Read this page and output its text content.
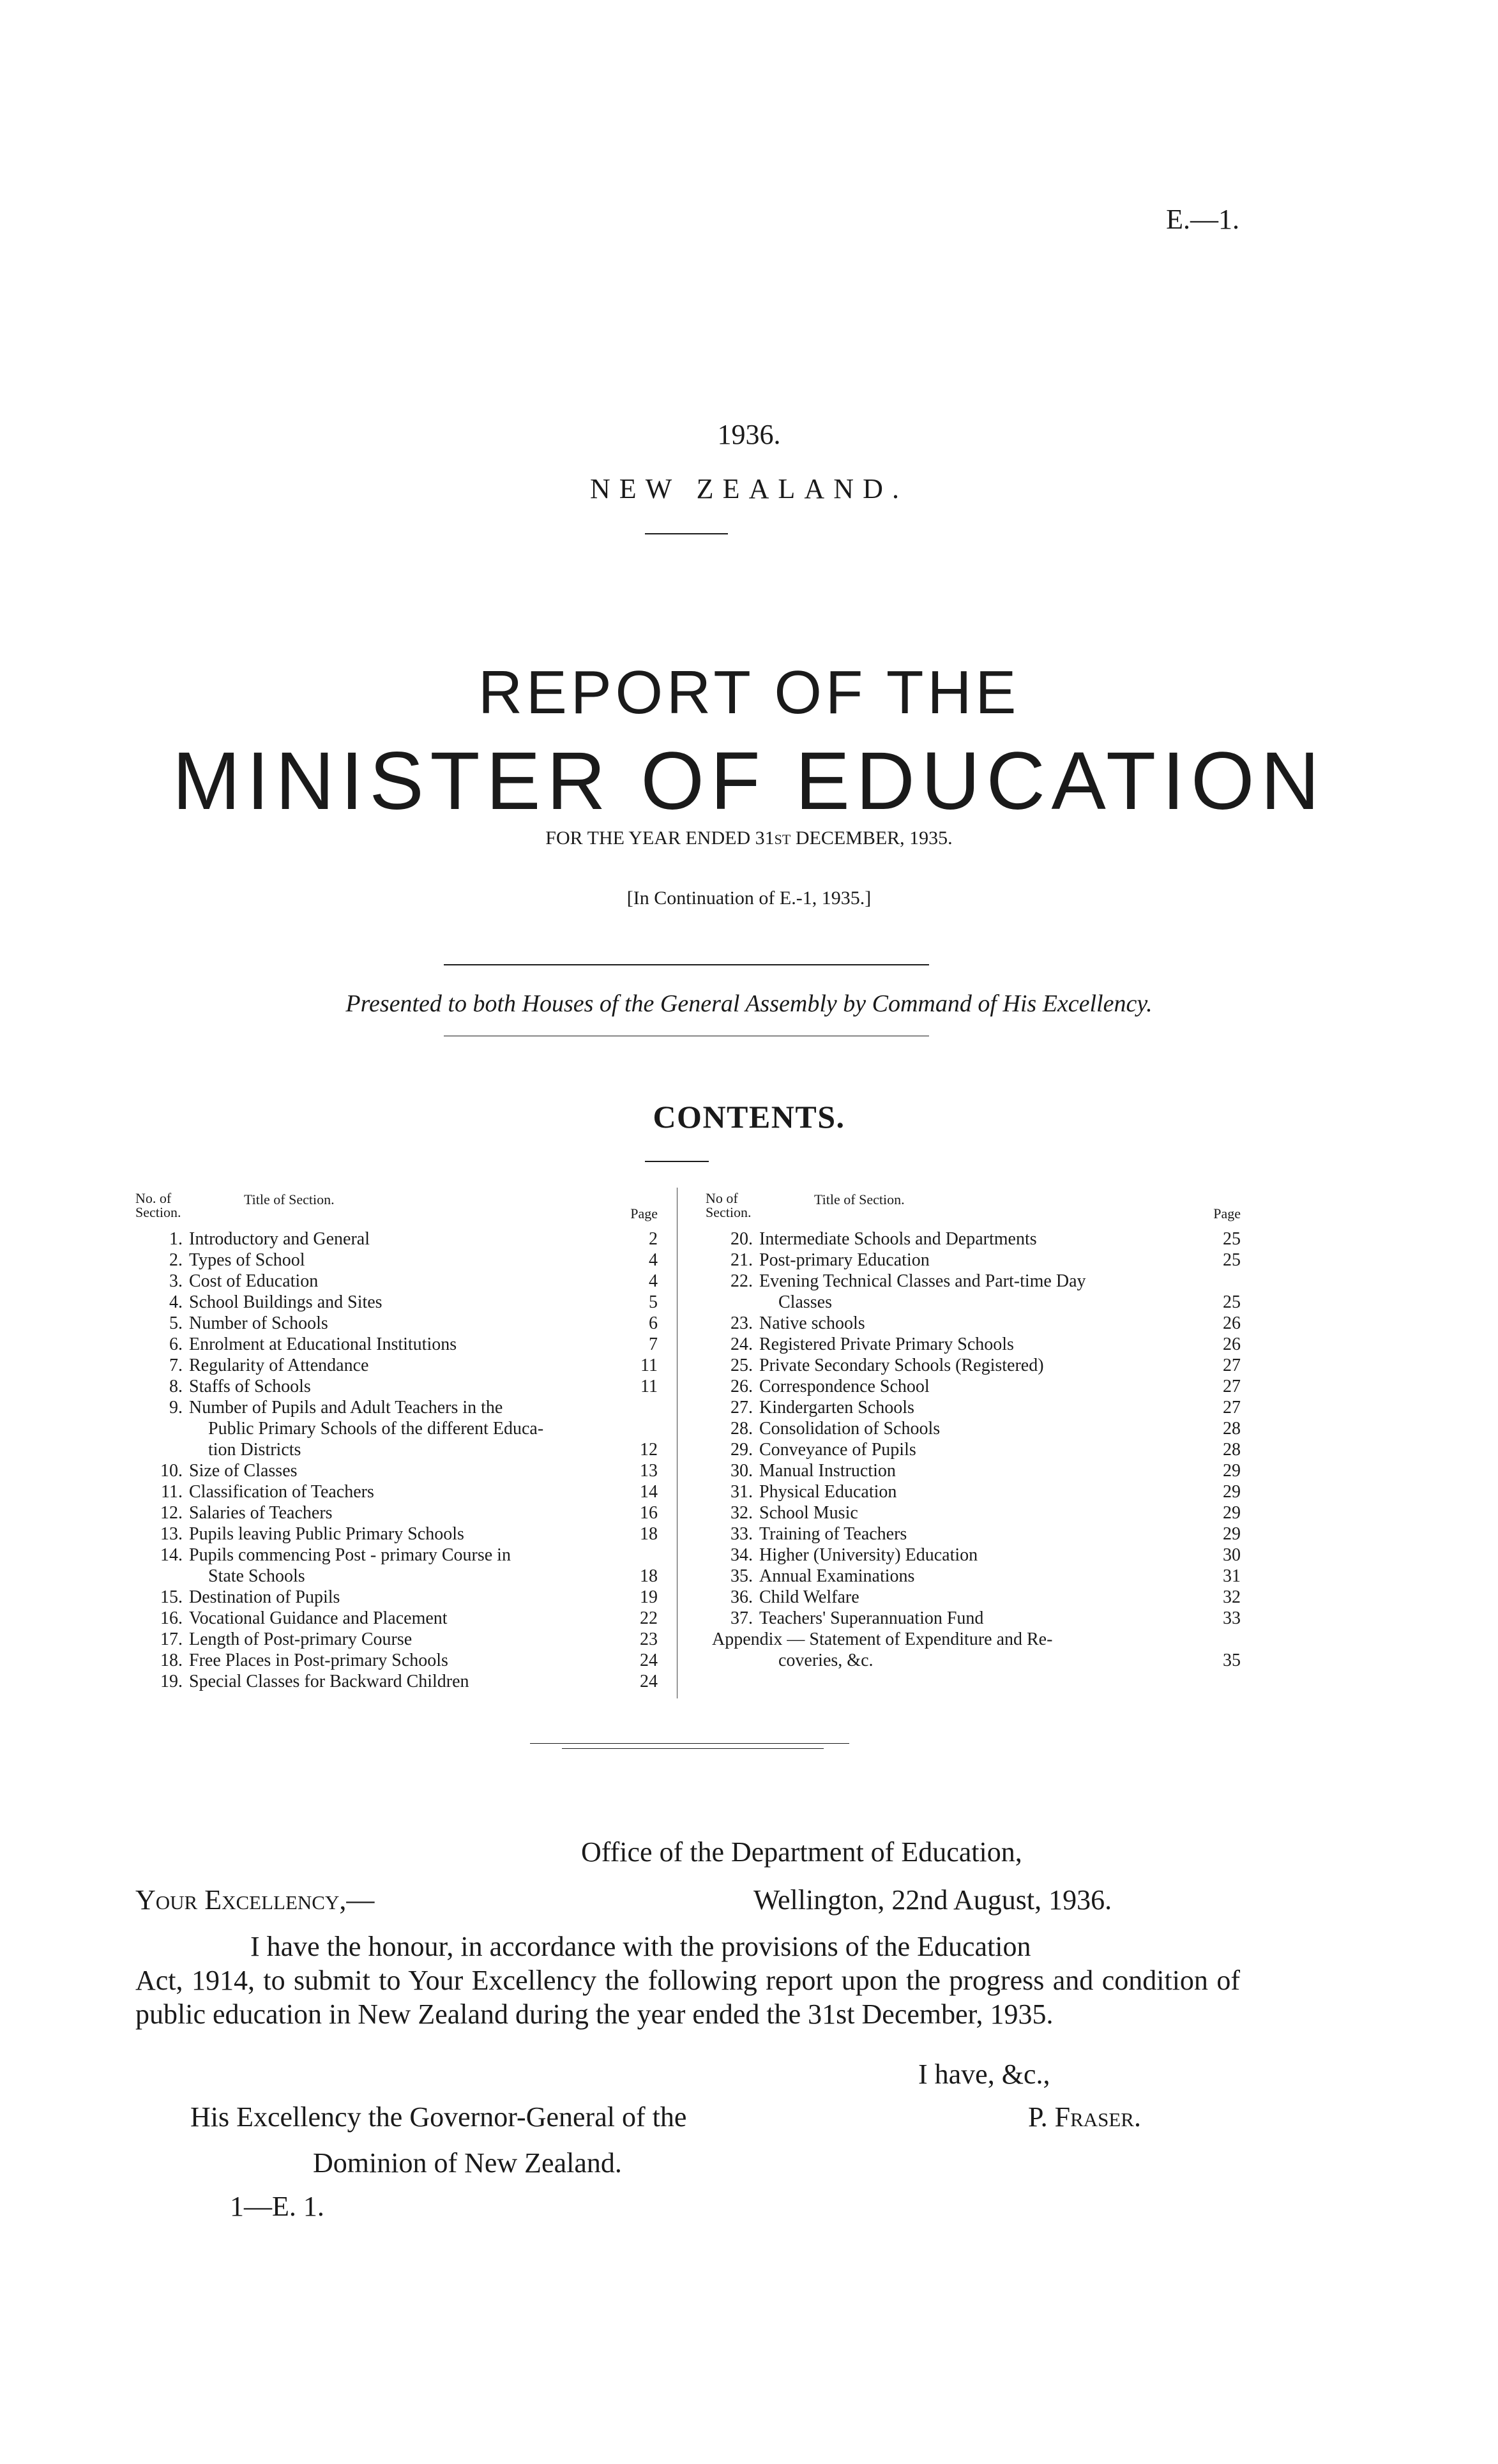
E.—1.
1936.
NEW ZEALAND.
REPORT OF THE
MINISTER OF EDUCATION
FOR THE YEAR ENDED 31ST DECEMBER, 1935.
[In Continuation of E.-1, 1935.]
Presented to both Houses of the General Assembly by Command of His Excellency.
CONTENTS.
No. of Section.
Title of Section.
Page
1. Introductory and General	2
2. Types of School	4
3. Cost of Education	4
4. School Buildings and Sites	5
5. Number of Schools	6
6. Enrolment at Educational Institutions	7
7. Regularity of Attendance	11
8. Staffs of Schools	11
9. Number of Pupils and Adult Teachers in the
Public Primary Schools of the different Educa-
tion Districts	12
10. Size of Classes	13
11. Classification of Teachers	14
12. Salaries of Teachers	16
13. Pupils leaving Public Primary Schools	18
14. Pupils commencing Post - primary Course in
State Schools	18
15. Destination of Pupils	19
16. Vocational Guidance and Placement	22
17. Length of Post-primary Course	23
18. Free Places in Post-primary Schools	24
19. Special Classes for Backward Children	24
No of Section.
Title of Section.
Page
20. Intermediate Schools and Departments	25
21. Post-primary Education	25
22. Evening Technical Classes and Part-time Day
Classes	25
23. Native schools	26
24. Registered Private Primary Schools	26
25. Private Secondary Schools (Registered)	27
26. Correspondence School	27
27. Kindergarten Schools	27
28. Consolidation of Schools	28
29. Conveyance of Pupils	28
30. Manual Instruction	29
31. Physical Education	29
32. School Music	29
33. Training of Teachers	29
34. Higher (University) Education	30
35. Annual Examinations	31
36. Child Welfare	32
37. Teachers' Superannuation Fund	33
Appendix — Statement of Expenditure and Re-
coveries, &c.	35
Office of the Department of Education,
Your Excellency,—	Wellington, 22nd August, 1936.
I have the honour, in accordance with the provisions of the Education
Act, 1914, to submit to Your Excellency the following report upon the progress and condition of public education in New Zealand during the year ended the 31st December, 1935.
I have, &c.,
His Excellency the Governor-General of the	P. Fraser.
Dominion of New Zealand.
1—E. 1.
